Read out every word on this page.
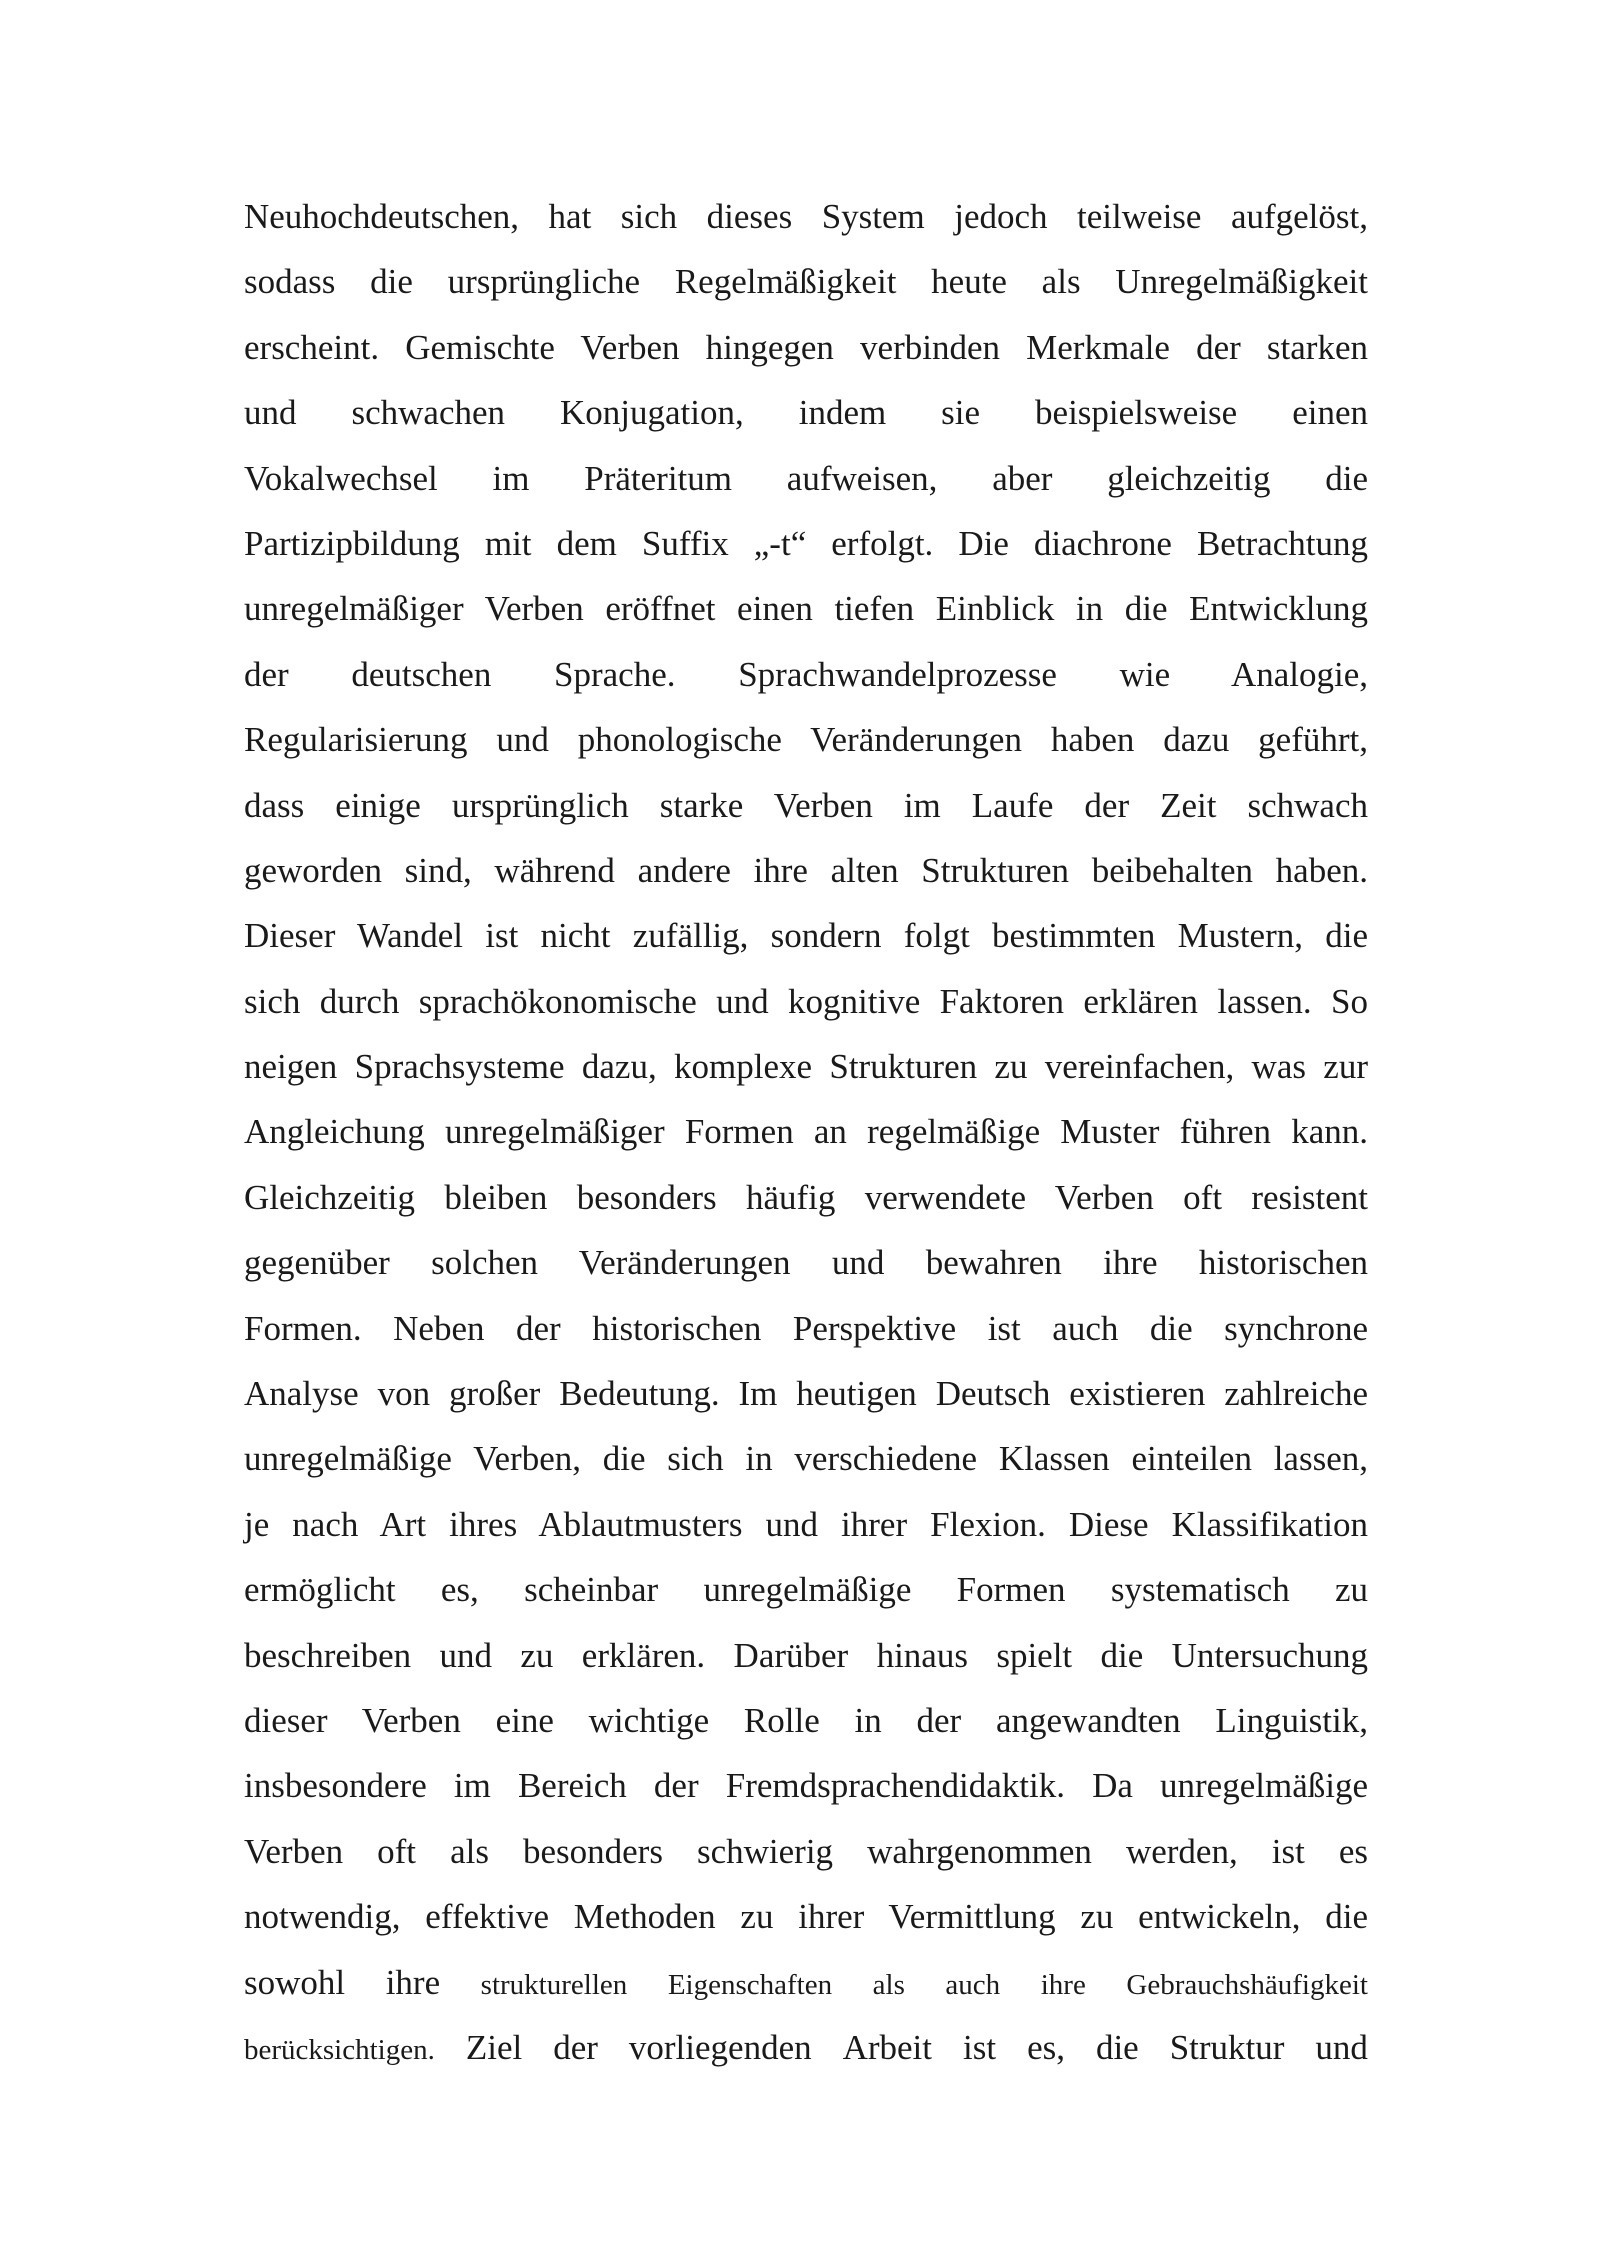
Neuhochdeutschen, hat sich dieses System jedoch teilweise aufgelöst,
sodass die ursprüngliche Regelmäßigkeit heute als Unregelmäßigkeit
erscheint. Gemischte Verben hingegen verbinden Merkmale der starken
und schwachen Konjugation, indem sie beispielsweise einen
Vokalwechsel im Präteritum aufweisen, aber gleichzeitig die
Partizipbildung mit dem Suffix „-t“ erfolgt. Die diachrone Betrachtung
unregelmäßiger Verben eröffnet einen tiefen Einblick in die Entwicklung
der deutschen Sprache. Sprachwandelprozesse wie Analogie,
Regularisierung und phonologische Veränderungen haben dazu geführt,
dass einige ursprünglich starke Verben im Laufe der Zeit schwach
geworden sind, während andere ihre alten Strukturen beibehalten haben.
Dieser Wandel ist nicht zufällig, sondern folgt bestimmten Mustern, die
sich durch sprachökonomische und kognitive Faktoren erklären lassen. So
neigen Sprachsysteme dazu, komplexe Strukturen zu vereinfachen, was zur
Angleichung unregelmäßiger Formen an regelmäßige Muster führen kann.
Gleichzeitig bleiben besonders häufig verwendete Verben oft resistent
gegenüber solchen Veränderungen und bewahren ihre historischen
Formen. Neben der historischen Perspektive ist auch die synchrone
Analyse von großer Bedeutung. Im heutigen Deutsch existieren zahlreiche
unregelmäßige Verben, die sich in verschiedene Klassen einteilen lassen,
je nach Art ihres Ablautmusters und ihrer Flexion. Diese Klassifikation
ermöglicht es, scheinbar unregelmäßige Formen systematisch zu
beschreiben und zu erklären. Darüber hinaus spielt die Untersuchung
dieser Verben eine wichtige Rolle in der angewandten Linguistik,
insbesondere im Bereich der Fremdsprachendidaktik. Da unregelmäßige
Verben oft als besonders schwierig wahrgenommen werden, ist es
notwendig, effektive Methoden zu ihrer Vermittlung zu entwickeln, die
sowohl ihre strukturellen Eigenschaften als auch ihre Gebrauchshäufigkeit
berücksichtigen. Ziel der vorliegenden Arbeit ist es, die Struktur und
